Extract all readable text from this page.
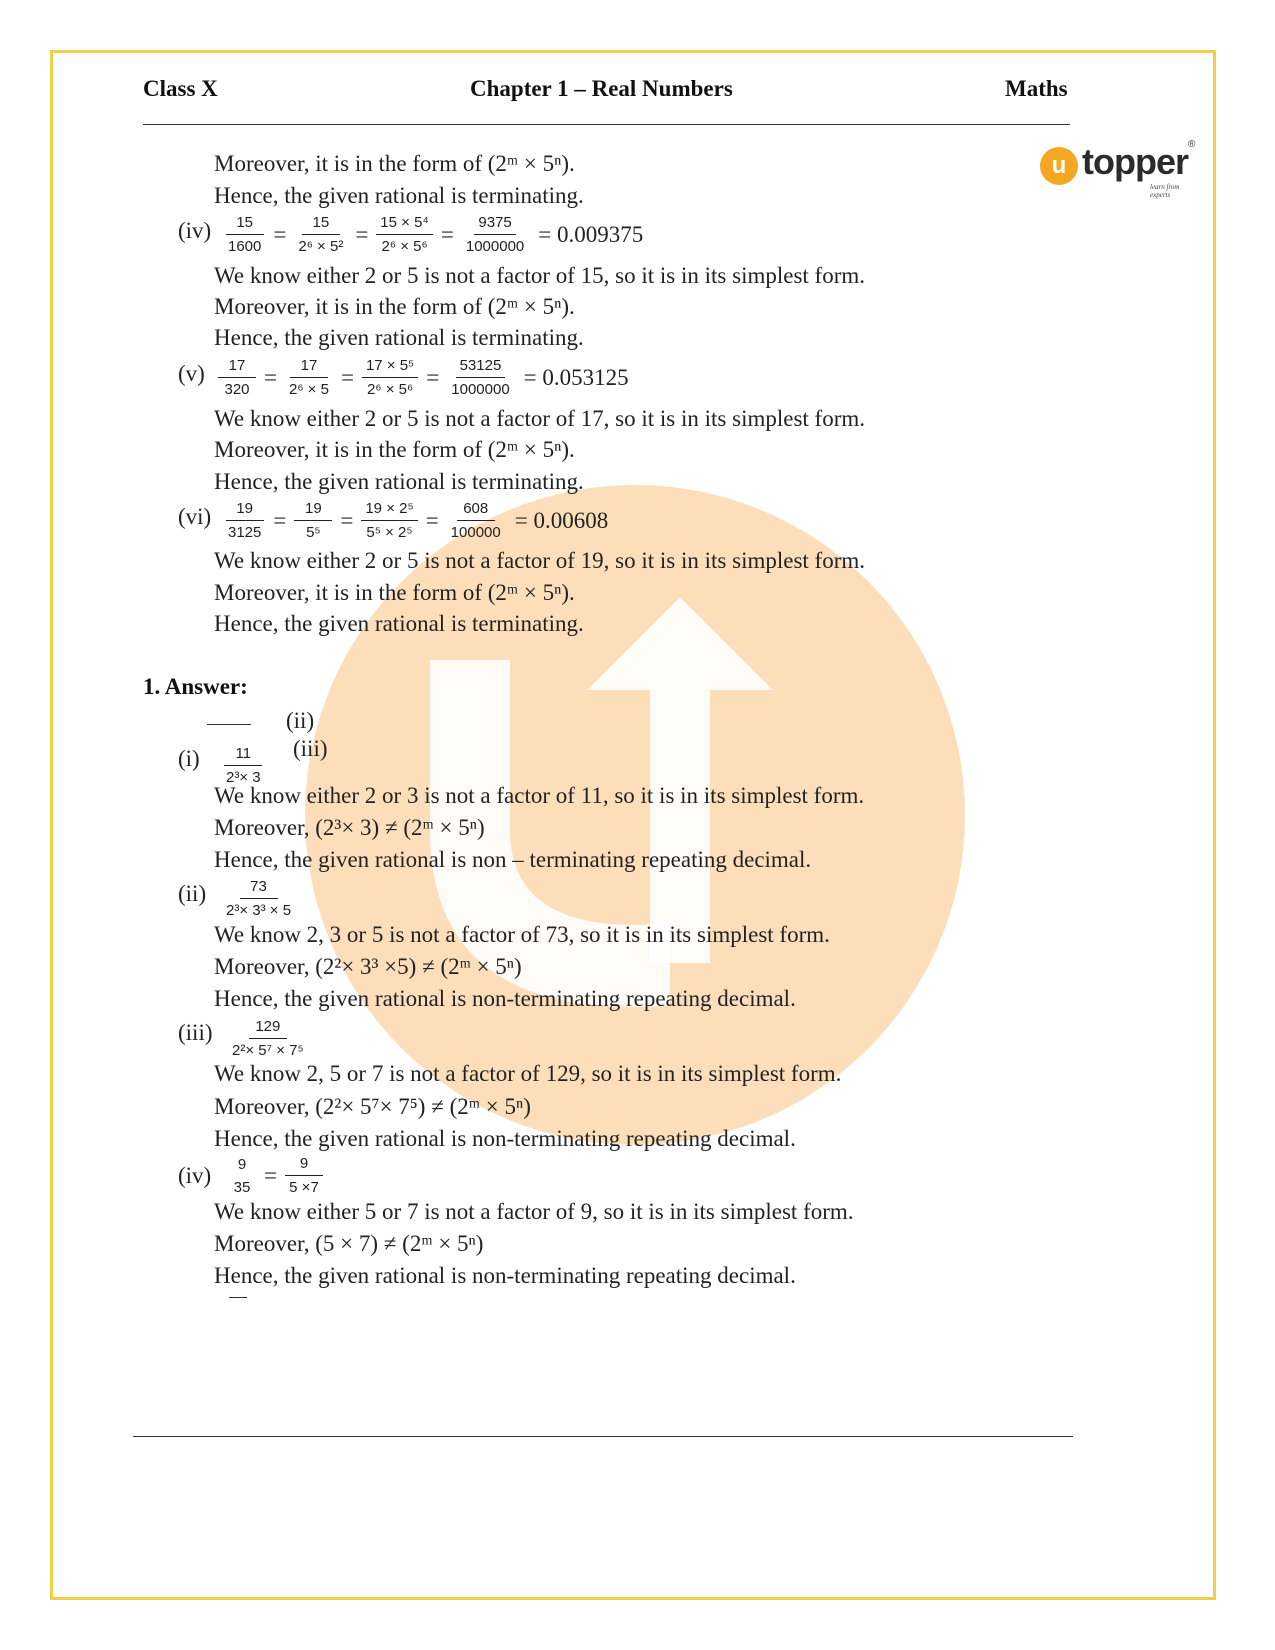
Class X	Chapter 1 – Real Numbers	Maths
u topper ®
learn from experts
Moreover, it is in the form of (2ᵐ × 5ⁿ).
Hence, the given rational is terminating.
$(iv) \frac{15}{1600} = \frac{15}{\text{2⁶ × 5²}} = \frac{\text{15 × 5⁴}}{\text{2⁶ × 5⁶}} = \frac{9375}{1000000} = 0.009375$
We know either 2 or 5 is not a factor of 15, so it is in its simplest form.
Moreover, it is in the form of (2ᵐ × 5ⁿ).
Hence, the given rational is terminating.
$(v) \frac{17}{320} = \frac{17}{\text{2⁶ × 5}} = \frac{\text{17 × 5⁵}}{\text{2⁶ × 5⁶}} = \frac{53125}{1000000} = 0.053125$
We know either 2 or 5 is not a factor of 17, so it is in its simplest form.
Moreover, it is in the form of (2ᵐ × 5ⁿ).
Hence, the given rational is terminating.
$(vi) \frac{19}{3125} = \frac{19}{\text{5⁵}} = \frac{\text{19 × 2⁵}}{\text{5⁵ × 2⁵}} = \frac{608}{100000} = 0.00608$
We know either 2 or 5 is not a factor of 19, so it is in its simplest form.
Moreover, it is in the form of (2ᵐ × 5ⁿ).
Hence, the given rational is terminating.
1. Answer:
(ii)
(iii)
(i)	11
2³× 3
We know either 2 or 3 is not a factor of 11, so it is in its simplest form.
Moreover, (2³× 3) ≠ (2ᵐ × 5ⁿ)
Hence, the given rational is non – terminating repeating decimal.
(ii)	73
2³× 3³ × 5
We know 2, 3 or 5 is not a factor of 73, so it is in its simplest form.
Moreover, (2²× 3³ ×5) ≠ (2ᵐ × 5ⁿ)
Hence, the given rational is non-terminating repeating decimal.
(iii)	129
2²× 5⁷ × 7⁵
We know 2, 5 or 7 is not a factor of 129, so it is in its simplest form.
Moreover, (2²× 5⁷× 7⁵) ≠ (2ᵐ × 5ⁿ)
Hence, the given rational is non-terminating repeating decimal.
(iv)	9
$35 = \frac{9}{5 \times 7}$
We know either 5 or 7 is not a factor of 9, so it is in its simplest form.
Moreover, (5 × 7) ≠ (2ᵐ × 5ⁿ)
Hence, the given rational is non-terminating repeating decimal.
